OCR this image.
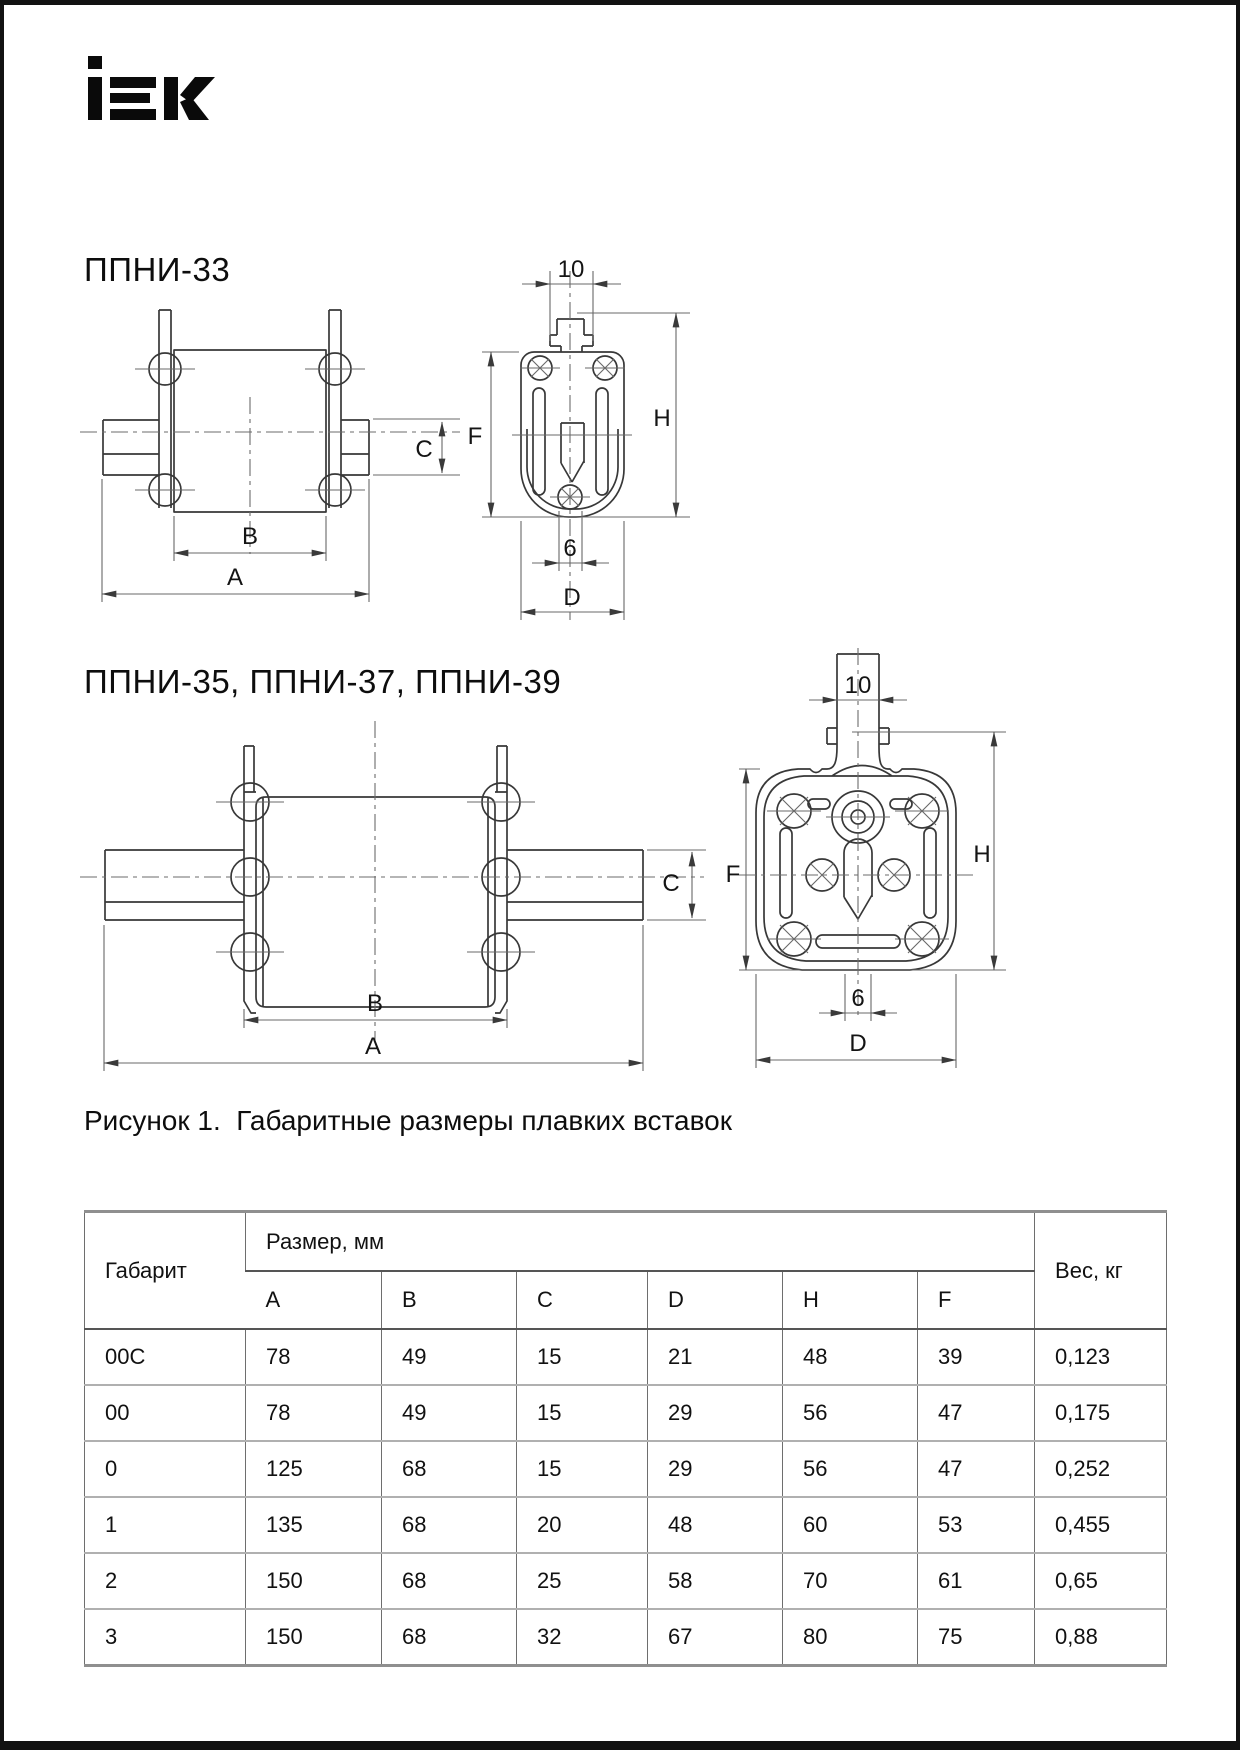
ППНИ-33
ППНИ-35, ППНИ-37, ППНИ-39
C
B
A
10
F
H
6
D
C
B
A
10
F
H
6
D
Рисунок 1.  Габаритные размеры плавких вставок
Габарит	Размер, мм						Вес, кг
	A	B	C	D	H	F	
00C	78	49	15	21	48	39	0,123
00	78	49	15	29	56	47	0,175
0	125	68	15	29	56	47	0,252
1	135	68	20	48	60	53	0,455
2	150	68	25	58	70	61	0,65
3	150	68	32	67	80	75	0,88
